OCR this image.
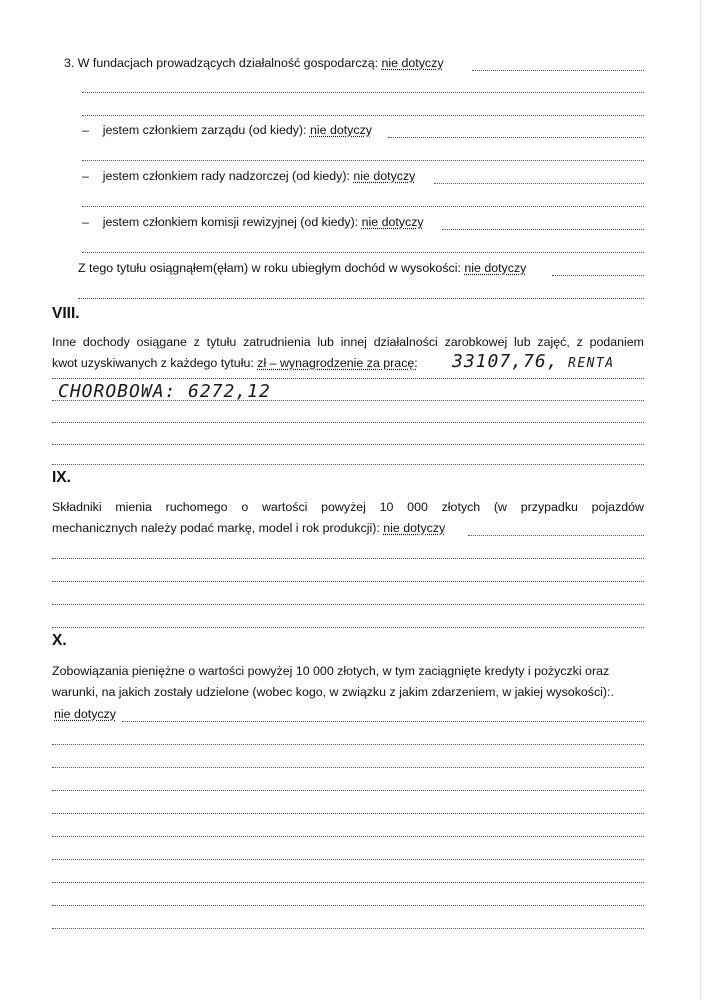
3. W fundacjach prowadzących działalność gospodarczą: nie dotyczy
– jestem członkiem zarządu (od kiedy): nie dotyczy
– jestem członkiem rady nadzorczej (od kiedy): nie dotyczy
– jestem członkiem komisji rewizyjnej (od kiedy): nie dotyczy
Z tego tytułu osiągnąłem(ęłam) w roku ubiegłym dochód w wysokości: nie dotyczy
VIII.
Inne dochody osiągane z tytułu zatrudnienia lub innej działalności zarobkowej lub zajęć, z podaniem
kwot uzyskiwanych z każdego tytułu: zł – wynagrodzenie za pracę: 33107,76, RENTA
CHOROBOWA: 6272,12
IX.
Składniki mienia ruchomego o wartości powyżej 10 000 złotych (w przypadku pojazdów
mechanicznych należy podać markę, model i rok produkcji): nie dotyczy
X.
Zobowiązania pieniężne o wartości powyżej 10 000 złotych, w tym zaciągnięte kredyty i pożyczki oraz
warunki, na jakich zostały udzielone (wobec kogo, w związku z jakim zdarzeniem, w jakiej wysokości):.
nie dotyczy
